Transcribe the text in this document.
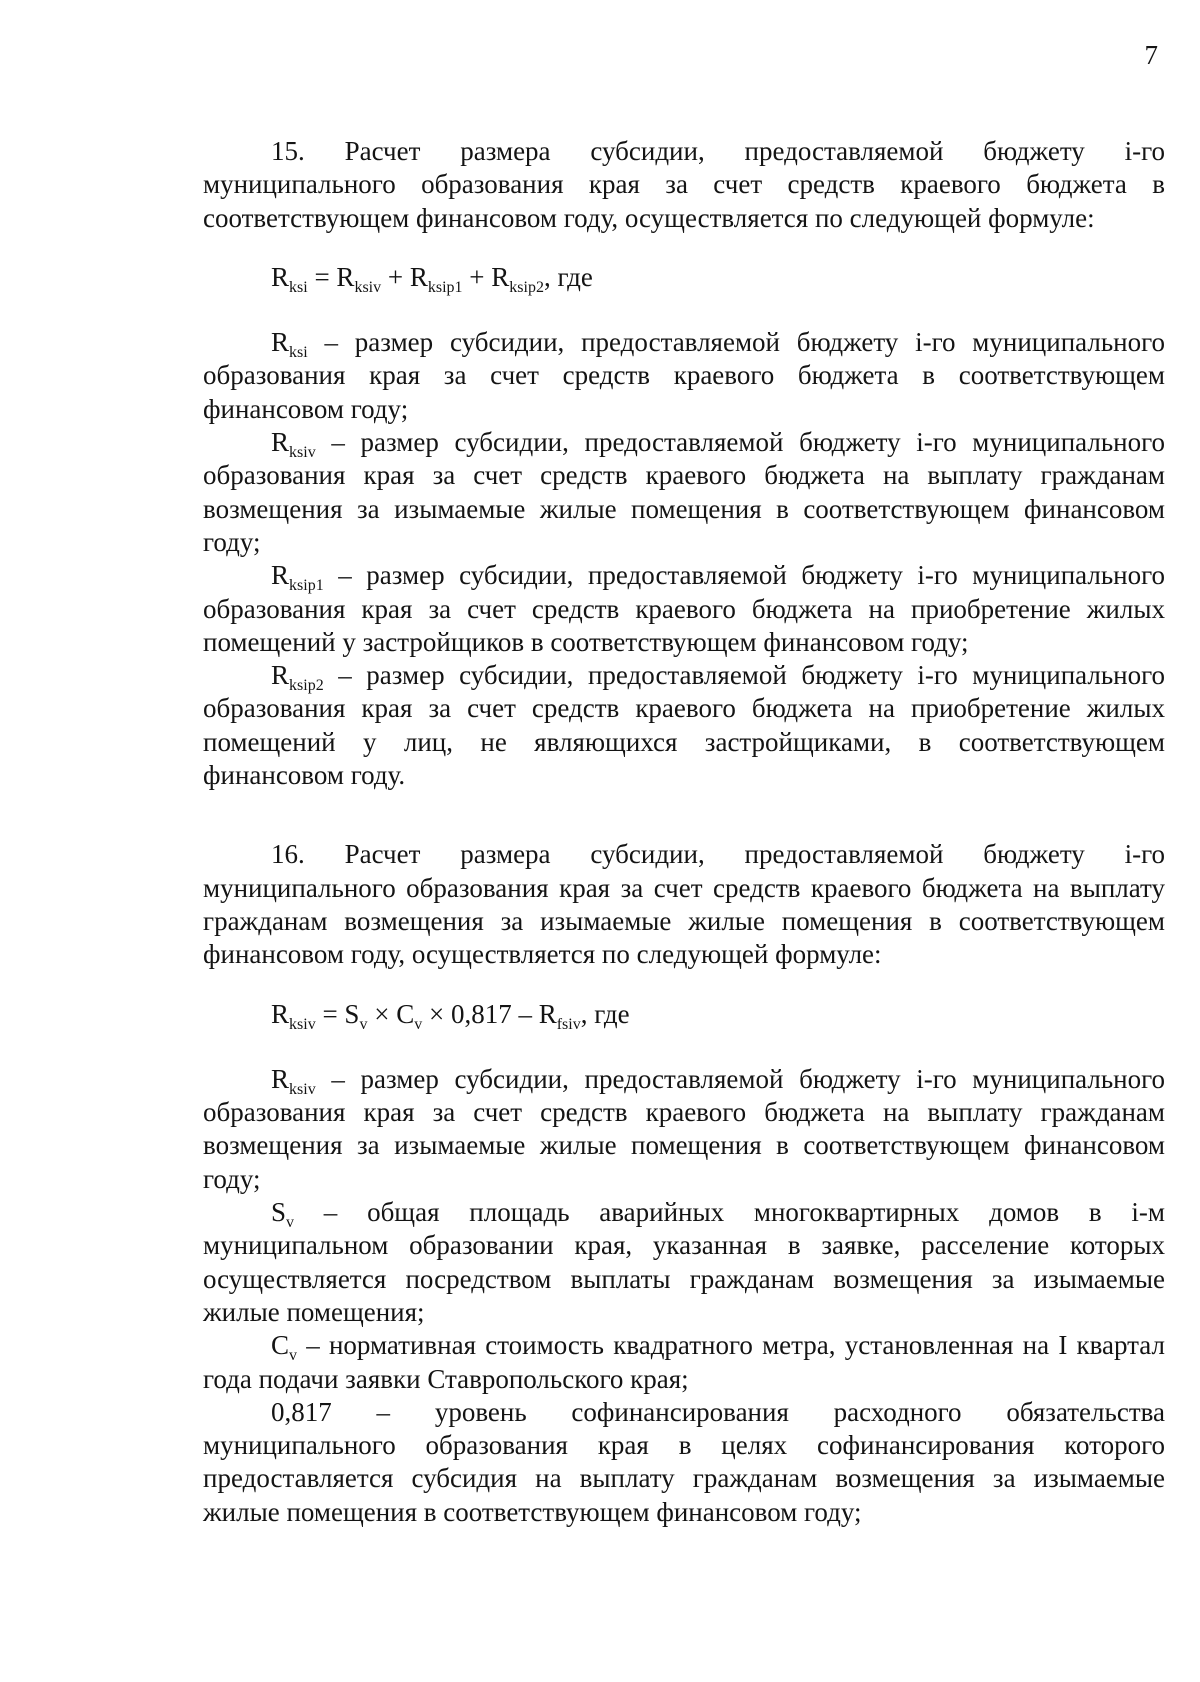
7

15. Расчет размера субсидии, предоставляемой бюджету i-го муниципального образования края за счет средств краевого бюджета в соответствующем финансовом году, осуществляется по следующей формуле:

$R_{ksi} = R_{ksiv} + R_{ksip1} + R_{ksip2}$, где

$R_{ksi}$ – размер субсидии, предоставляемой бюджету i-го муниципального образования края за счет средств краевого бюджета в соответствующем финансовом году;

$R_{ksiv}$ – размер субсидии, предоставляемой бюджету i-го муниципального образования края за счет средств краевого бюджета на выплату гражданам возмещения за изымаемые жилые помещения в соответствующем финансовом году;

$R_{ksip1}$ – размер субсидии, предоставляемой бюджету i-го муниципального образования края за счет средств краевого бюджета на приобретение жилых помещений у застройщиков в соответствующем финансовом году;

$R_{ksip2}$ – размер субсидии, предоставляемой бюджету i-го муниципального образования края за счет средств краевого бюджета на приобретение жилых помещений у лиц, не являющихся застройщиками, в соответствующем финансовом году.

16. Расчет размера субсидии, предоставляемой бюджету i-го муниципального образования края за счет средств краевого бюджета на выплату гражданам возмещения за изымаемые жилые помещения в соответствующем финансовом году, осуществляется по следующей формуле:

$R_{ksiv} = S_v \times C_v \times 0,817 - R_{fsiv}$, где

$R_{ksiv}$ – размер субсидии, предоставляемой бюджету i-го муниципального образования края за счет средств краевого бюджета на выплату гражданам возмещения за изымаемые жилые помещения в соответствующем финансовом году;

$S_v$ – общая площадь аварийных многоквартирных домов в i-м муниципальном образовании края, указанная в заявке, расселение которых осуществляется посредством выплаты гражданам возмещения за изымаемые жилые помещения;

$C_v$ – нормативная стоимость квадратного метра, установленная на I квартал года подачи заявки Ставропольского края;

0,817 – уровень софинансирования расходного обязательства муниципального образования края в целях софинансирования которого предоставляется субсидия на выплату гражданам возмещения за изымаемые жилые помещения в соответствующем финансовом году;
